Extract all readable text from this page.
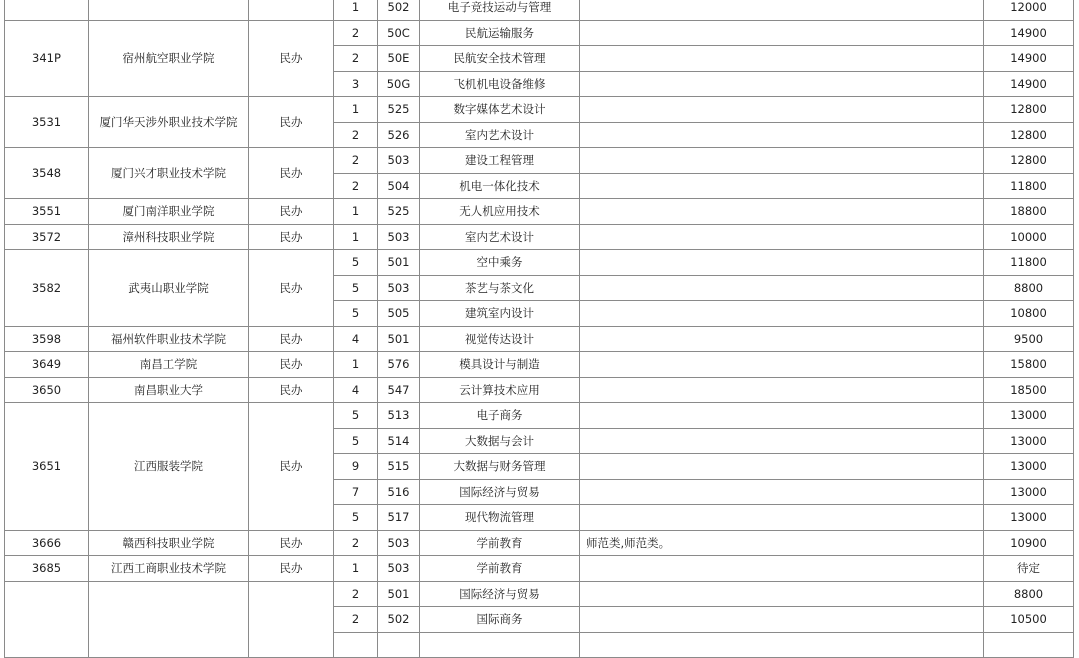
			1	502	电子竞技运动与管理		12000
341P	宿州航空职业学院	民办	2	50C	民航运输服务		14900
			2	50E	民航安全技术管理		14900
			3	50G	飞机机电设备维修		14900
3531	厦门华天涉外职业技术学院	民办	1	525	数字媒体艺术设计		12800
			2	526	室内艺术设计		12800
3548	厦门兴才职业技术学院	民办	2	503	建设工程管理		12800
			2	504	机电一体化技术		11800
3551	厦门南洋职业学院	民办	1	525	无人机应用技术		18800
3572	漳州科技职业学院	民办	1	503	室内艺术设计		10000
3582	武夷山职业学院	民办	5	501	空中乘务		11800
			5	503	茶艺与茶文化		8800
			5	505	建筑室内设计		10800
3598	福州软件职业技术学院	民办	4	501	视觉传达设计		9500
3649	南昌工学院	民办	1	576	模具设计与制造		15800
3650	南昌职业大学	民办	4	547	云计算技术应用		18500
3651	江西服装学院	民办	5	513	电子商务		13000
			5	514	大数据与会计		13000
			9	515	大数据与财务管理		13000
			7	516	国际经济与贸易		13000
			5	517	现代物流管理		13000
3666	赣西科技职业学院	民办	2	503	学前教育	师范类,师范类。	10900
3685	江西工商职业技术学院	民办	1	503	学前教育		待定
			2	501	国际经济与贸易		8800
			2	502	国际商务		10500
